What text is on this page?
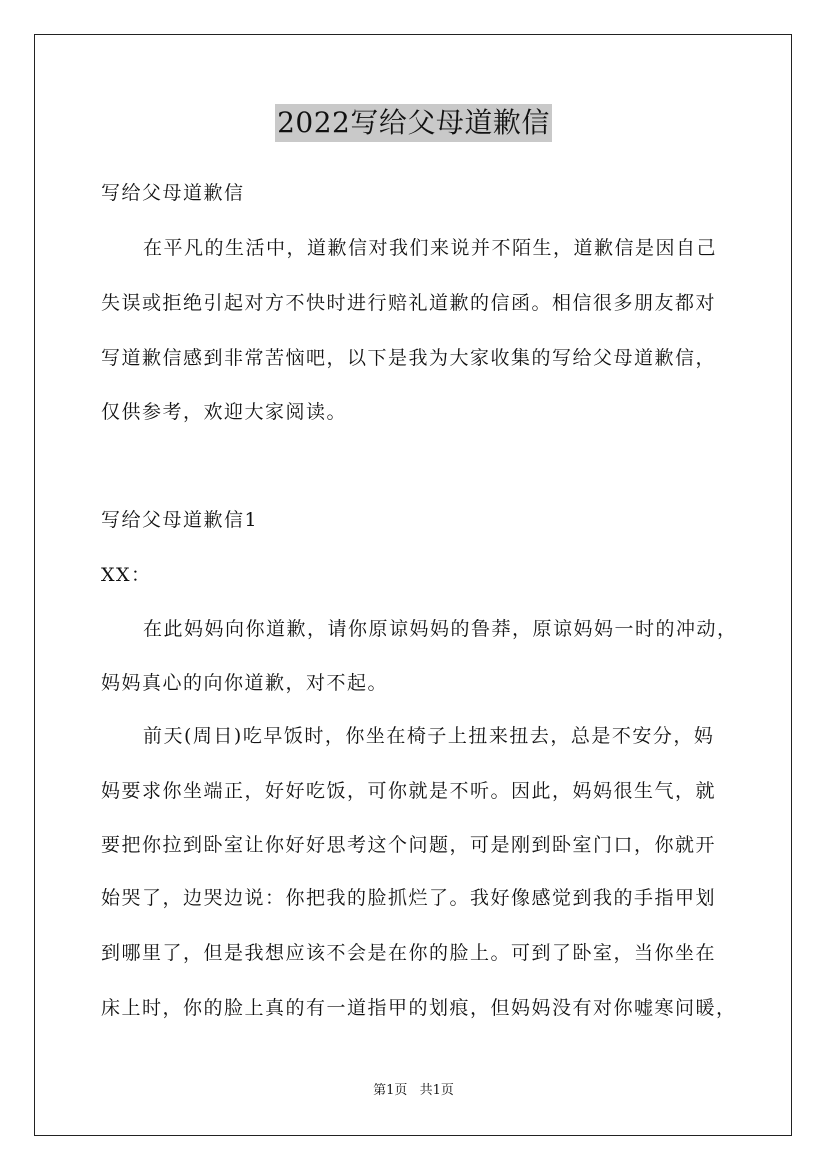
2022写给父母道歉信
写给父母道歉信
在平凡的生活中，道歉信对我们来说并不陌生，道歉信是因自己
失误或拒绝引起对方不快时进行赔礼道歉的信函。相信很多朋友都对
写道歉信感到非常苦恼吧，以下是我为大家收集的写给父母道歉信，
仅供参考，欢迎大家阅读。
写给父母道歉信1
XX：
在此妈妈向你道歉，请你原谅妈妈的鲁莽，原谅妈妈一时的冲动，
妈妈真心的向你道歉，对不起。
前天(周日)吃早饭时，你坐在椅子上扭来扭去，总是不安分，妈
妈要求你坐端正，好好吃饭，可你就是不听。因此，妈妈很生气，就
要把你拉到卧室让你好好思考这个问题，可是刚到卧室门口，你就开
始哭了，边哭边说：你把我的脸抓烂了。我好像感觉到我的手指甲划
到哪里了，但是我想应该不会是在你的脸上。可到了卧室，当你坐在
床上时，你的脸上真的有一道指甲的划痕，但妈妈没有对你嘘寒问暖，
第1页 共1页
